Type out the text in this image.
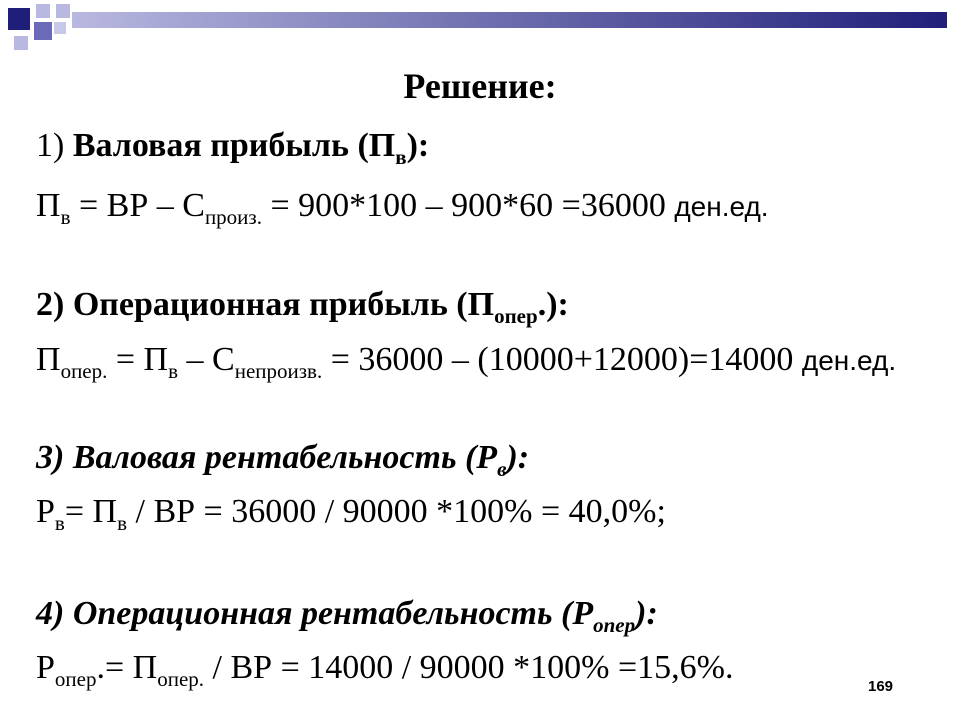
Решение:
1) Валовая прибыль $(П_в)$:
$П_в$ = ВР – $С_{произ.} = 900*100 - 900*60 =36000$ ден.ед.
2) Операционная прибыль $(П_{опер}.)$:
$П_{опер.} = П_в - С_{непроизв.} = 36000 - (10000+12000)=14000$ ден.ед.
3) Валовая рентабельность $(Р_в)$:
$Р_в= П_в$ / ВР = 36000 / 90000 *100% = 40,0%;
4) Операционная рентабельность $(Р_{опер})$:
$Р_{опер}.= П_{опер.}$ / ВР = 14000 / 90000 *100% =15,6%.
169
